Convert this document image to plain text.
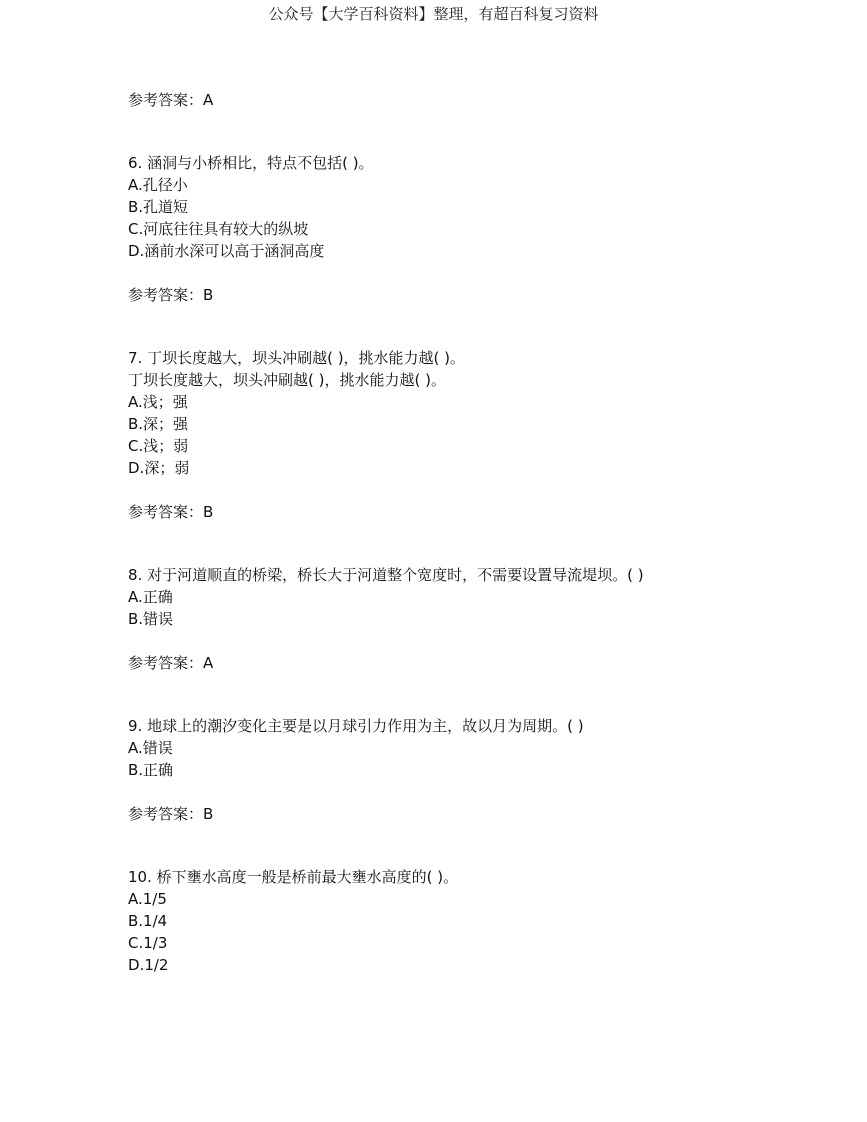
公众号【大学百科资料】整理，有超百科复习资料
参考答案：A
6. 涵洞与小桥相比，特点不包括( )。
A.孔径小
B.孔道短
C.河底往往具有较大的纵坡
D.涵前水深可以高于涵洞高度
参考答案：B
7. 丁坝长度越大，坝头冲刷越( )，挑水能力越( )。
丁坝长度越大，坝头冲刷越( )，挑水能力越( )。
A.浅；强
B.深；强
C.浅；弱
D.深；弱
参考答案：B
8. 对于河道顺直的桥梁，桥长大于河道整个宽度时，不需要设置导流堤坝。( )
A.正确
B.错误
参考答案：A
9. 地球上的潮汐变化主要是以月球引力作用为主，故以月为周期。( )
A.错误
B.正确
参考答案：B
10. 桥下壅水高度一般是桥前最大壅水高度的( )。
A.1/5
B.1/4
C.1/3
D.1/2
